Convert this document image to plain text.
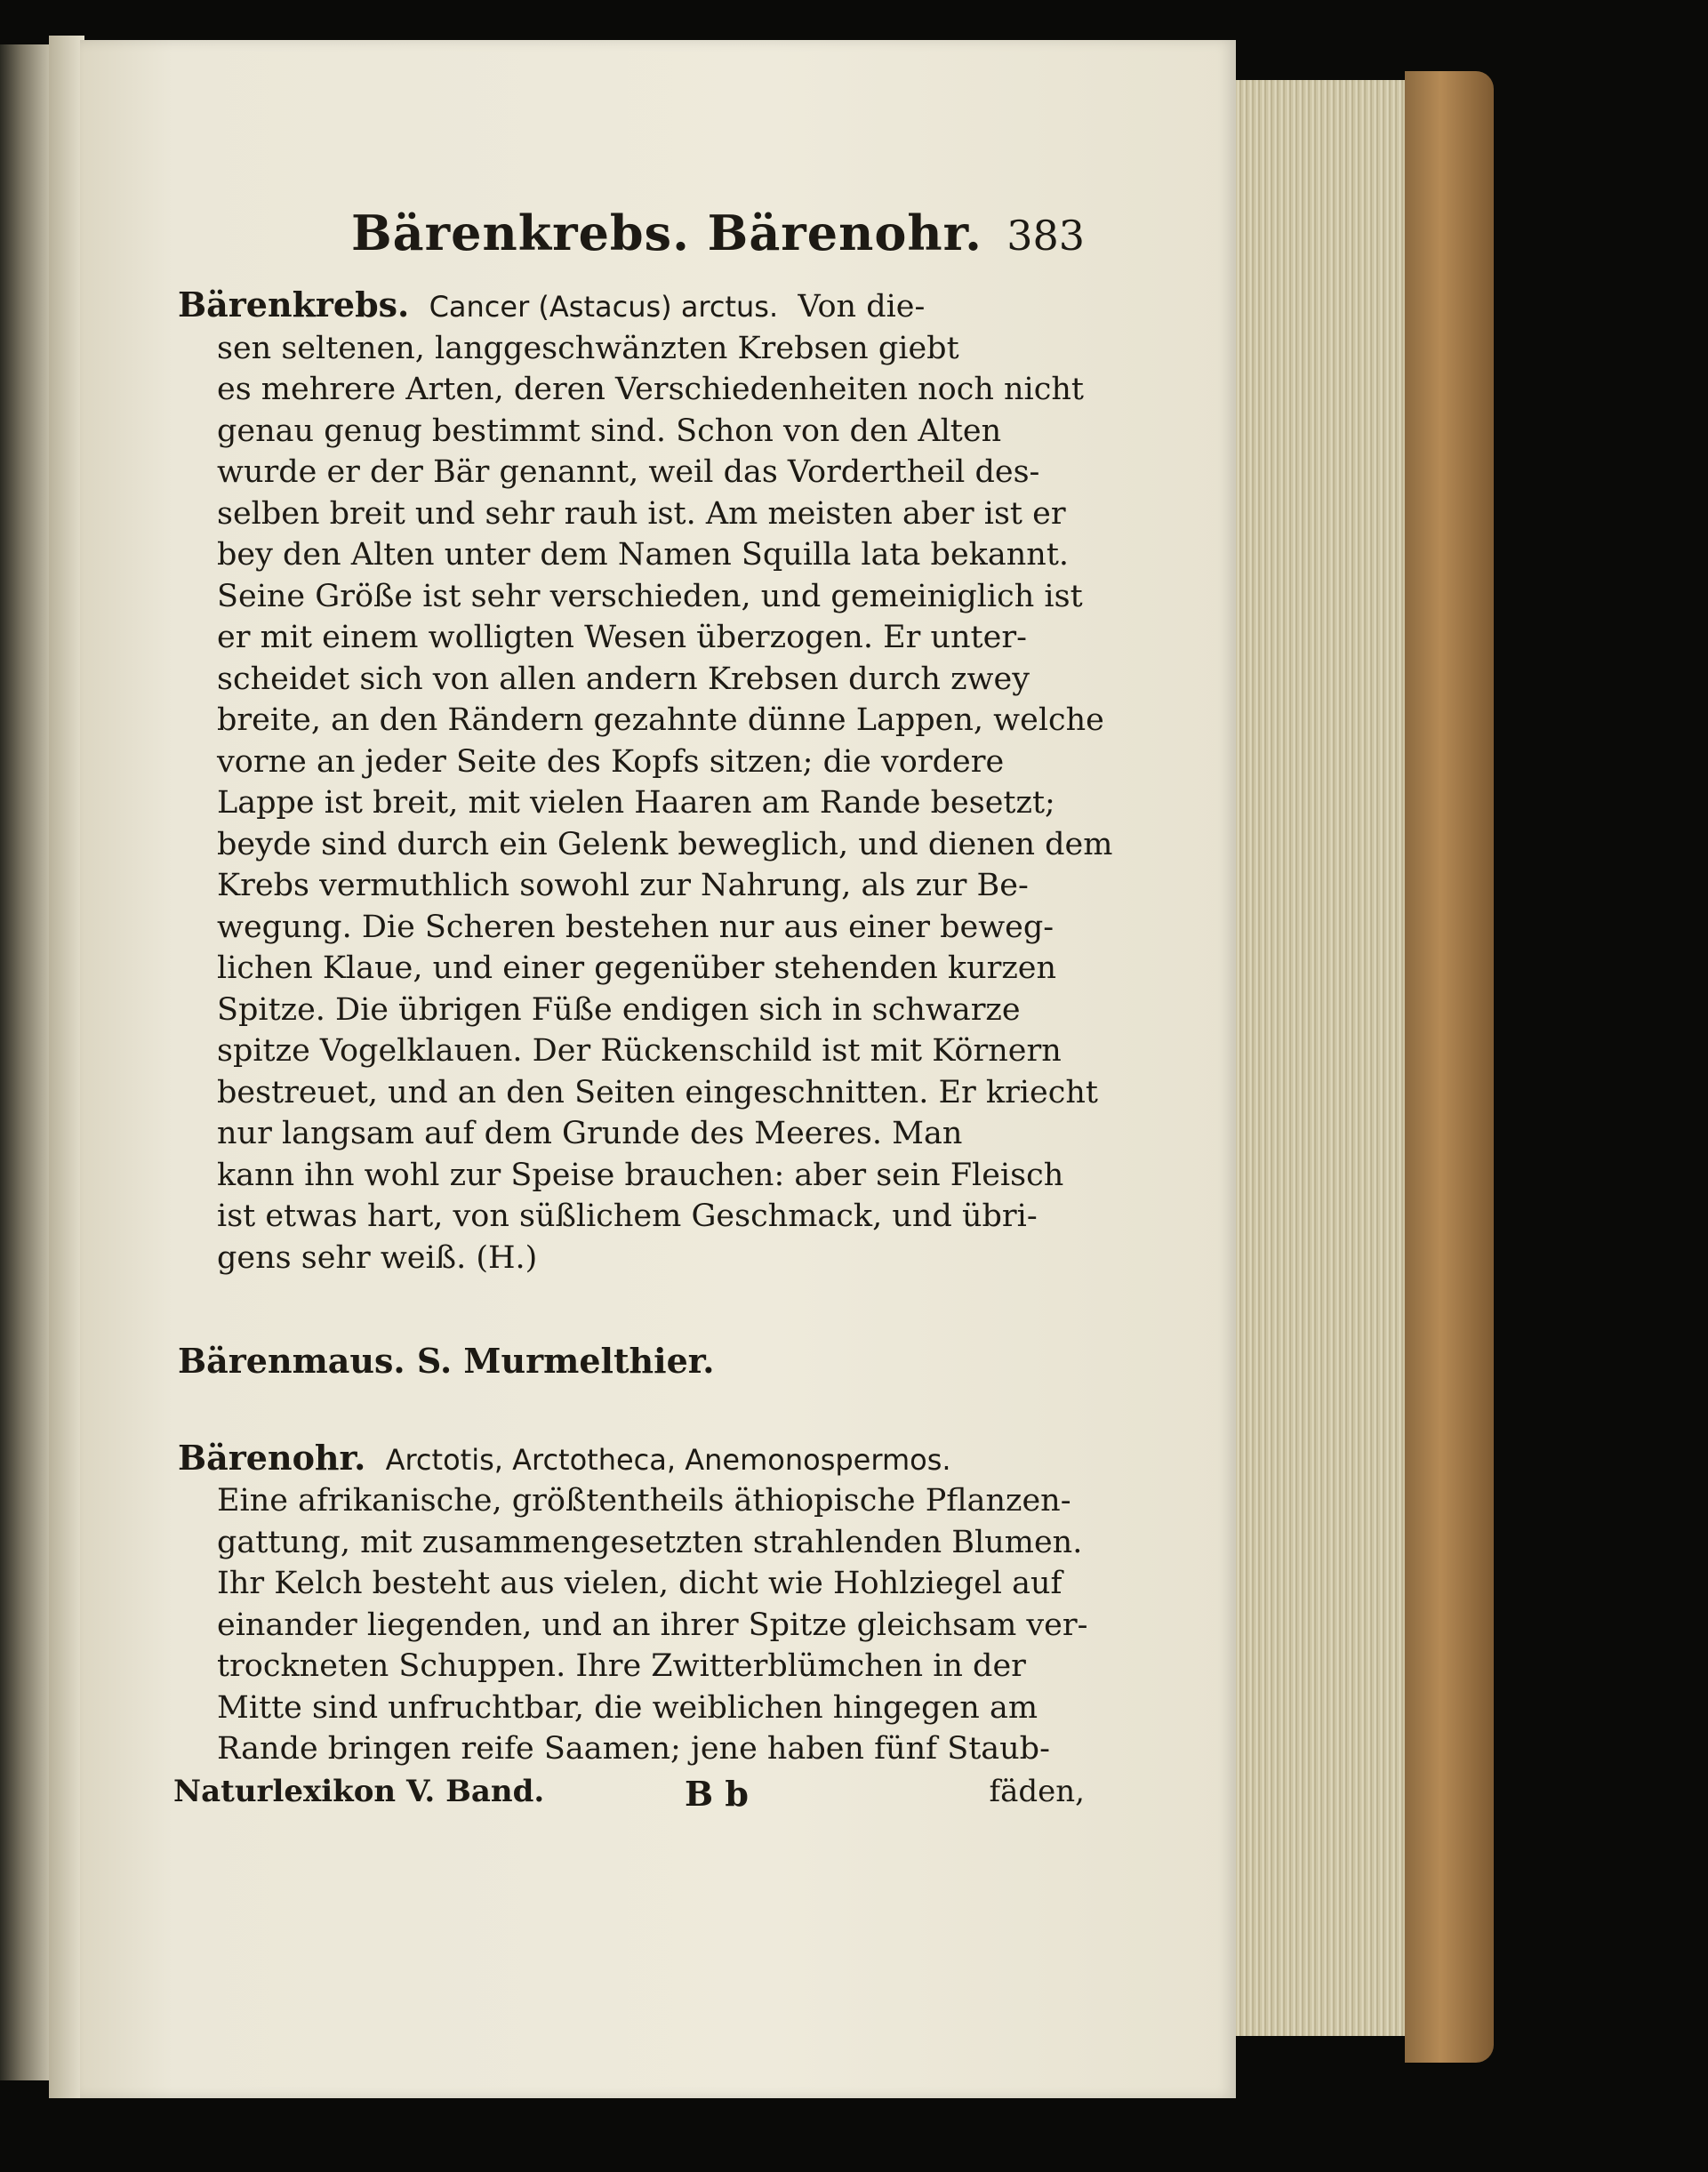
Bärenkrebs. Bärenohr. 383
Bärenkrebs. Cancer (Astacus) arctus. Von die-
sen seltenen, langgeschwänzten Krebsen giebt
es mehrere Arten, deren Verschiedenheiten noch nicht
genau genug bestimmt sind. Schon von den Alten
wurde er der Bär genannt, weil das Vordertheil des-
selben breit und sehr rauh ist. Am meisten aber ist er
bey den Alten unter dem Namen Squilla lata bekannt.
Seine Größe ist sehr verschieden, und gemeiniglich ist
er mit einem wolligten Wesen überzogen. Er unter-
scheidet sich von allen andern Krebsen durch zwey
breite, an den Rändern gezahnte dünne Lappen, welche
vorne an jeder Seite des Kopfs sitzen; die vordere
Lappe ist breit, mit vielen Haaren am Rande besetzt;
beyde sind durch ein Gelenk beweglich, und dienen dem
Krebs vermuthlich sowohl zur Nahrung, als zur Be-
wegung. Die Scheren bestehen nur aus einer beweg-
lichen Klaue, und einer gegenüber stehenden kurzen
Spitze. Die übrigen Füße endigen sich in schwarze
spitze Vogelklauen. Der Rückenschild ist mit Körnern
bestreuet, und an den Seiten eingeschnitten. Er kriecht
nur langsam auf dem Grunde des Meeres. Man
kann ihn wohl zur Speise brauchen: aber sein Fleisch
ist etwas hart, von süßlichem Geschmack, und übri-
gens sehr weiß. (H.)
Bärenmaus. S. Murmelthier.
Bärenohr. Arctotis, Arctotheca, Anemonospermos.
Eine afrikanische, größtentheils äthiopische Pflanzen-
gattung, mit zusammengesetzten strahlenden Blumen.
Ihr Kelch besteht aus vielen, dicht wie Hohlziegel auf
einander liegenden, und an ihrer Spitze gleichsam ver-
trockneten Schuppen. Ihre Zwitterblümchen in der
Mitte sind unfruchtbar, die weiblichen hingegen am
Rande bringen reife Saamen; jene haben fünf Staub-
Naturlexikon V. Band.	B b	fäden,
